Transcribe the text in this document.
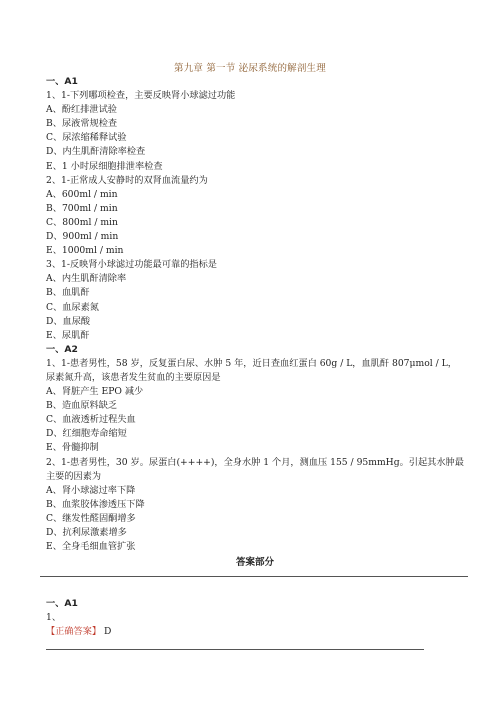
第九章 第一节 泌尿系统的解剖生理
一、A1
1、1-下列哪项检查，主要反映肾小球滤过功能
A、酚红排泄试验
B、尿液常规检查
C、尿浓缩稀释试验
D、内生肌酐清除率检查
E、1 小时尿细胞排泄率检查
2、1-正常成人安静时的双肾血流量约为
A、600ml / min
B、700ml / min
C、800ml / min
D、900ml / min
E、1000ml / min
3、1-反映肾小球滤过功能最可靠的指标是
A、内生肌酐清除率
B、血肌酐
C、血尿素氮
D、血尿酸
E、尿肌酐
一、A2
1、1-患者男性，58 岁，反复蛋白尿、水肿 5 年，近日查血红蛋白 60g / L，血肌酐 807μmol / L，尿素氮升高，该患者发生贫血的主要原因是
A、肾脏产生 EPO 减少
B、造血原料缺乏
C、血液透析过程失血
D、红细胞寿命缩短
E、骨髓抑制
2、1-患者男性，30 岁。尿蛋白(++++)，全身水肿 1 个月，测血压 155 / 95mmHg。引起其水肿最主要的因素为
A、肾小球滤过率下降
B、血浆胶体渗透压下降
C、继发性醛固酮增多
D、抗利尿激素增多
E、全身毛细血管扩张
答案部分
一、A1
1、
【正确答案】 D
